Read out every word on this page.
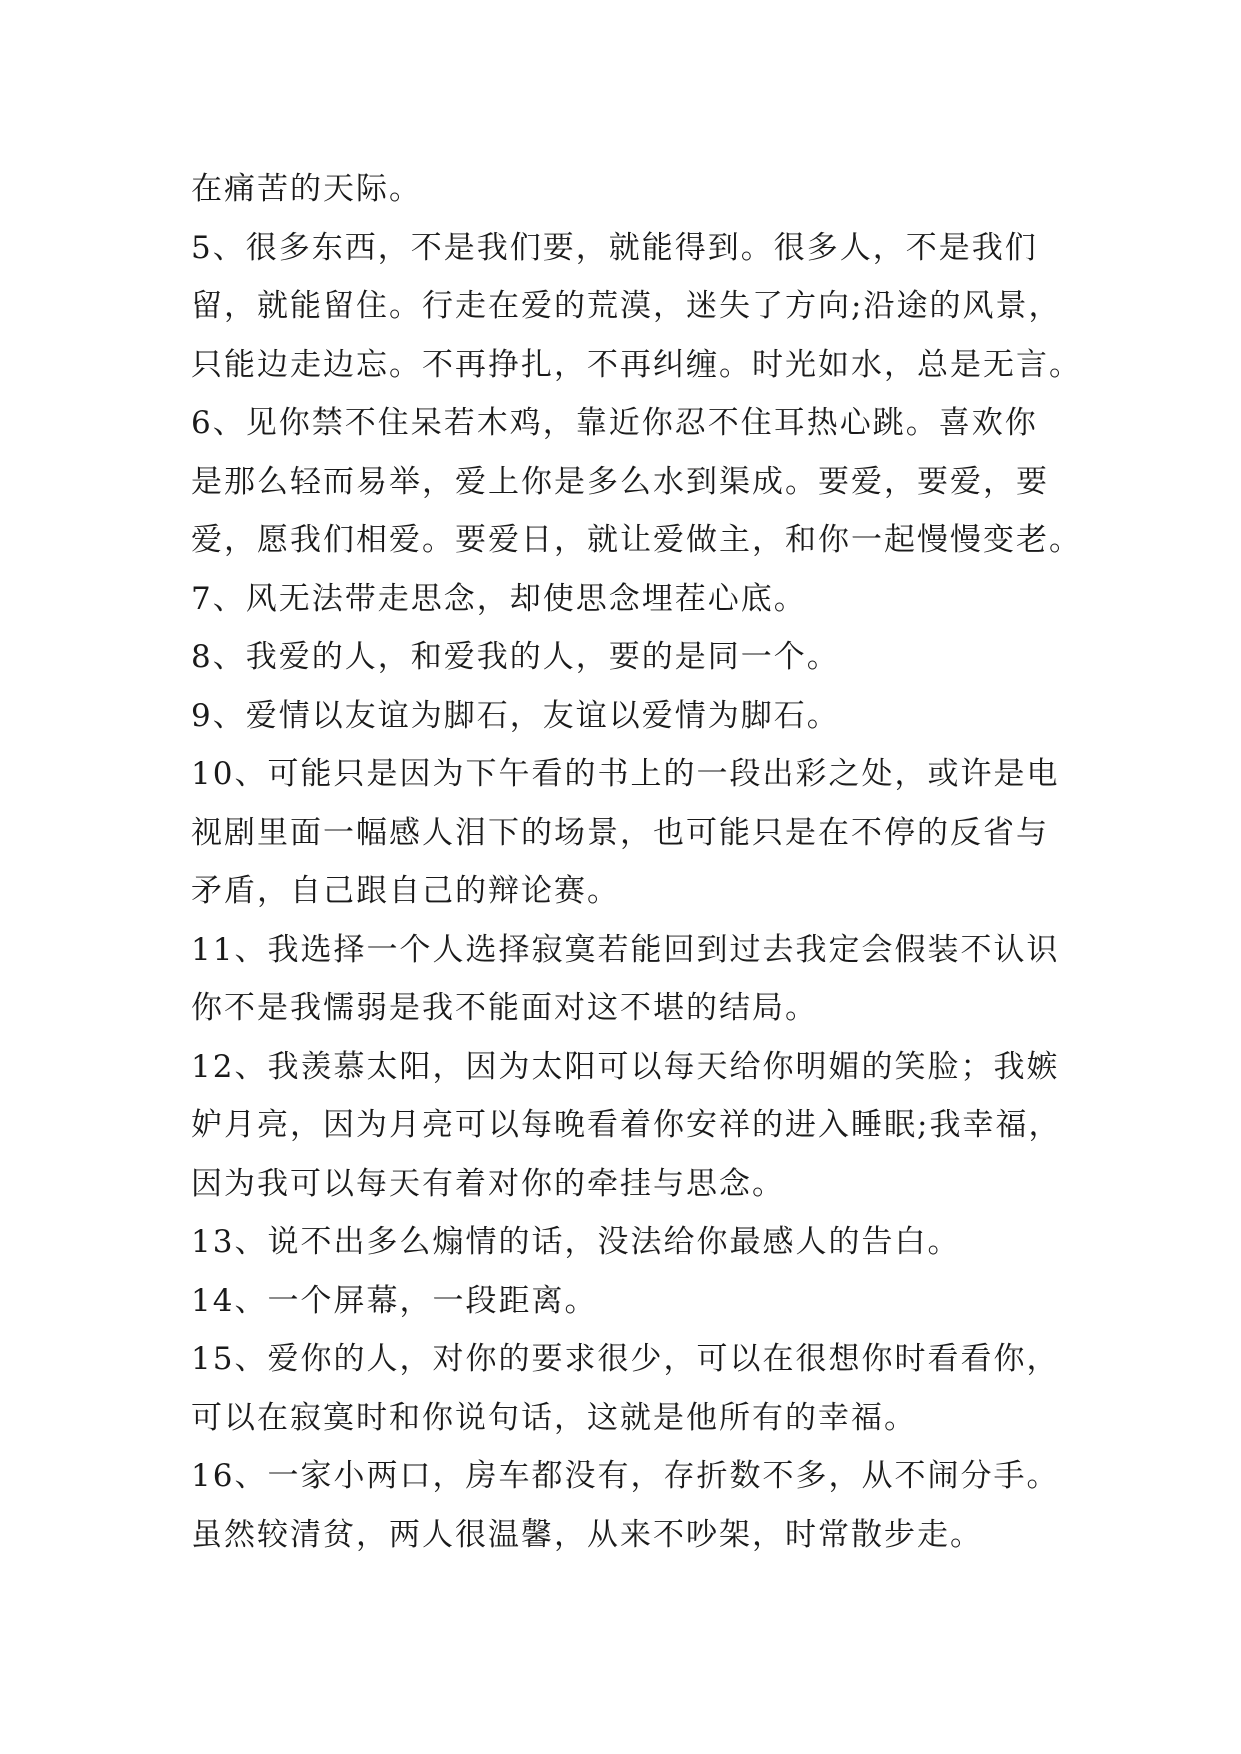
在痛苦的天际。
5、很多东西，不是我们要，就能得到。很多人，不是我们
留，就能留住。行走在爱的荒漠，迷失了方向;沿途的风景，
只能边走边忘。不再挣扎，不再纠缠。时光如水，总是无言。
6、见你禁不住呆若木鸡，靠近你忍不住耳热心跳。喜欢你
是那么轻而易举，爱上你是多么水到渠成。要爱，要爱，要
爱，愿我们相爱。要爱日，就让爱做主，和你一起慢慢变老。
7、风无法带走思念，却使思念埋茬心底。
8、我爱的人，和爱我的人，要的是同一个。
9、爱情以友谊为脚石，友谊以爱情为脚石。
10、可能只是因为下午看的书上的一段出彩之处，或许是电
视剧里面一幅感人泪下的场景，也可能只是在不停的反省与
矛盾，自己跟自己的辩论赛。
11、我选择一个人选择寂寞若能回到过去我定会假装不认识
你不是我懦弱是我不能面对这不堪的结局。
12、我羡慕太阳，因为太阳可以每天给你明媚的笑脸；我嫉
妒月亮，因为月亮可以每晚看着你安祥的进入睡眠;我幸福，
因为我可以每天有着对你的牵挂与思念。
13、说不出多么煽情的话，没法给你最感人的告白。
14、一个屏幕，一段距离。
15、爱你的人，对你的要求很少，可以在很想你时看看你，
可以在寂寞时和你说句话，这就是他所有的幸福。
16、一家小两口，房车都没有，存折数不多，从不闹分手。
虽然较清贫，两人很温馨，从来不吵架，时常散步走。
